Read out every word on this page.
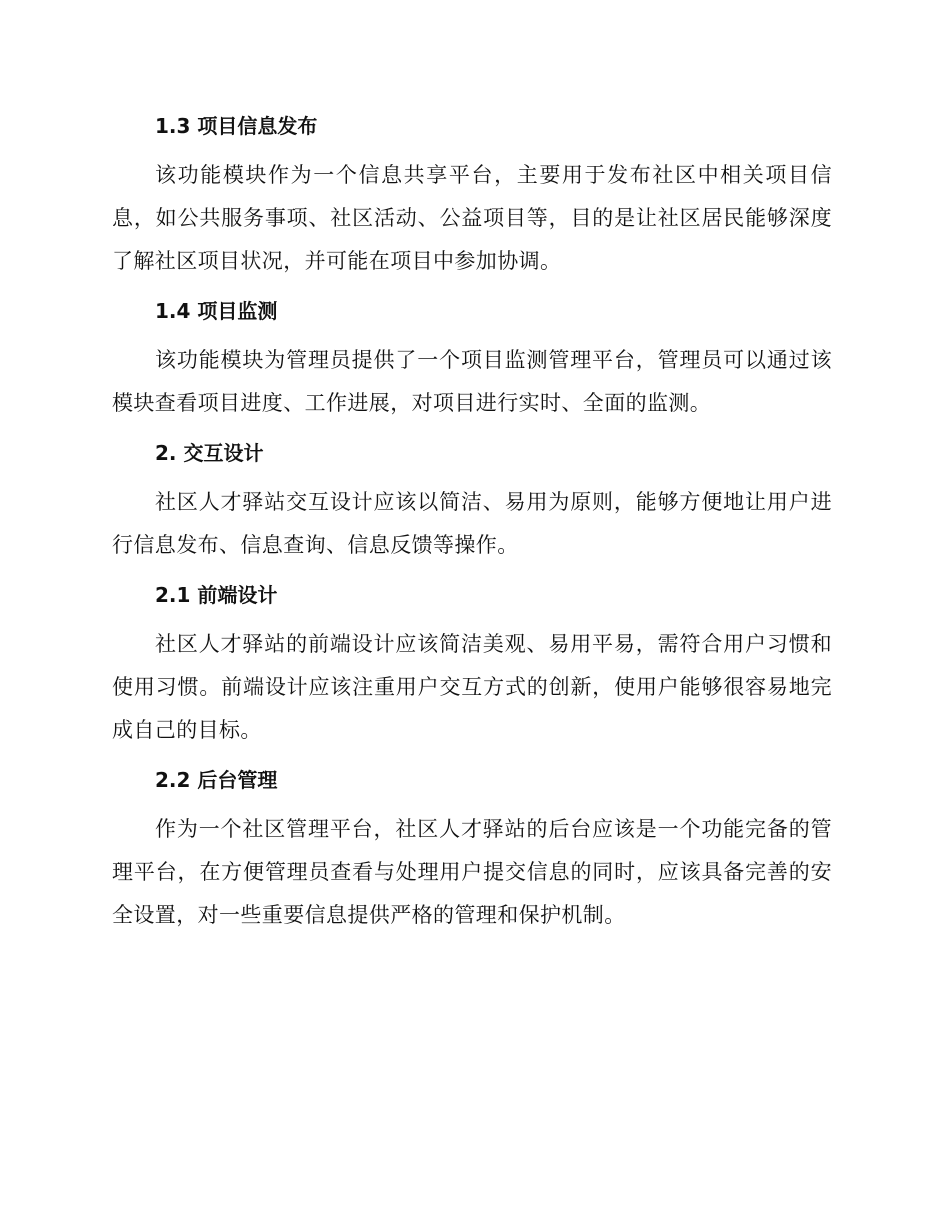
1.3 项目信息发布

该功能模块作为一个信息共享平台，主要用于发布社区中相关项目信息，如公共服务事项、社区活动、公益项目等，目的是让社区居民能够深度了解社区项目状况，并可能在项目中参加协调。

1.4 项目监测

该功能模块为管理员提供了一个项目监测管理平台，管理员可以通过该模块查看项目进度、工作进展，对项目进行实时、全面的监测。

2. 交互设计

社区人才驿站交互设计应该以简洁、易用为原则，能够方便地让用户进行信息发布、信息查询、信息反馈等操作。

2.1 前端设计

社区人才驿站的前端设计应该简洁美观、易用平易，需符合用户习惯和使用习惯。前端设计应该注重用户交互方式的创新，使用户能够很容易地完成自己的目标。

2.2 后台管理

作为一个社区管理平台，社区人才驿站的后台应该是一个功能完备的管理平台，在方便管理员查看与处理用户提交信息的同时，应该具备完善的安全设置，对一些重要信息提供严格的管理和保护机制。
